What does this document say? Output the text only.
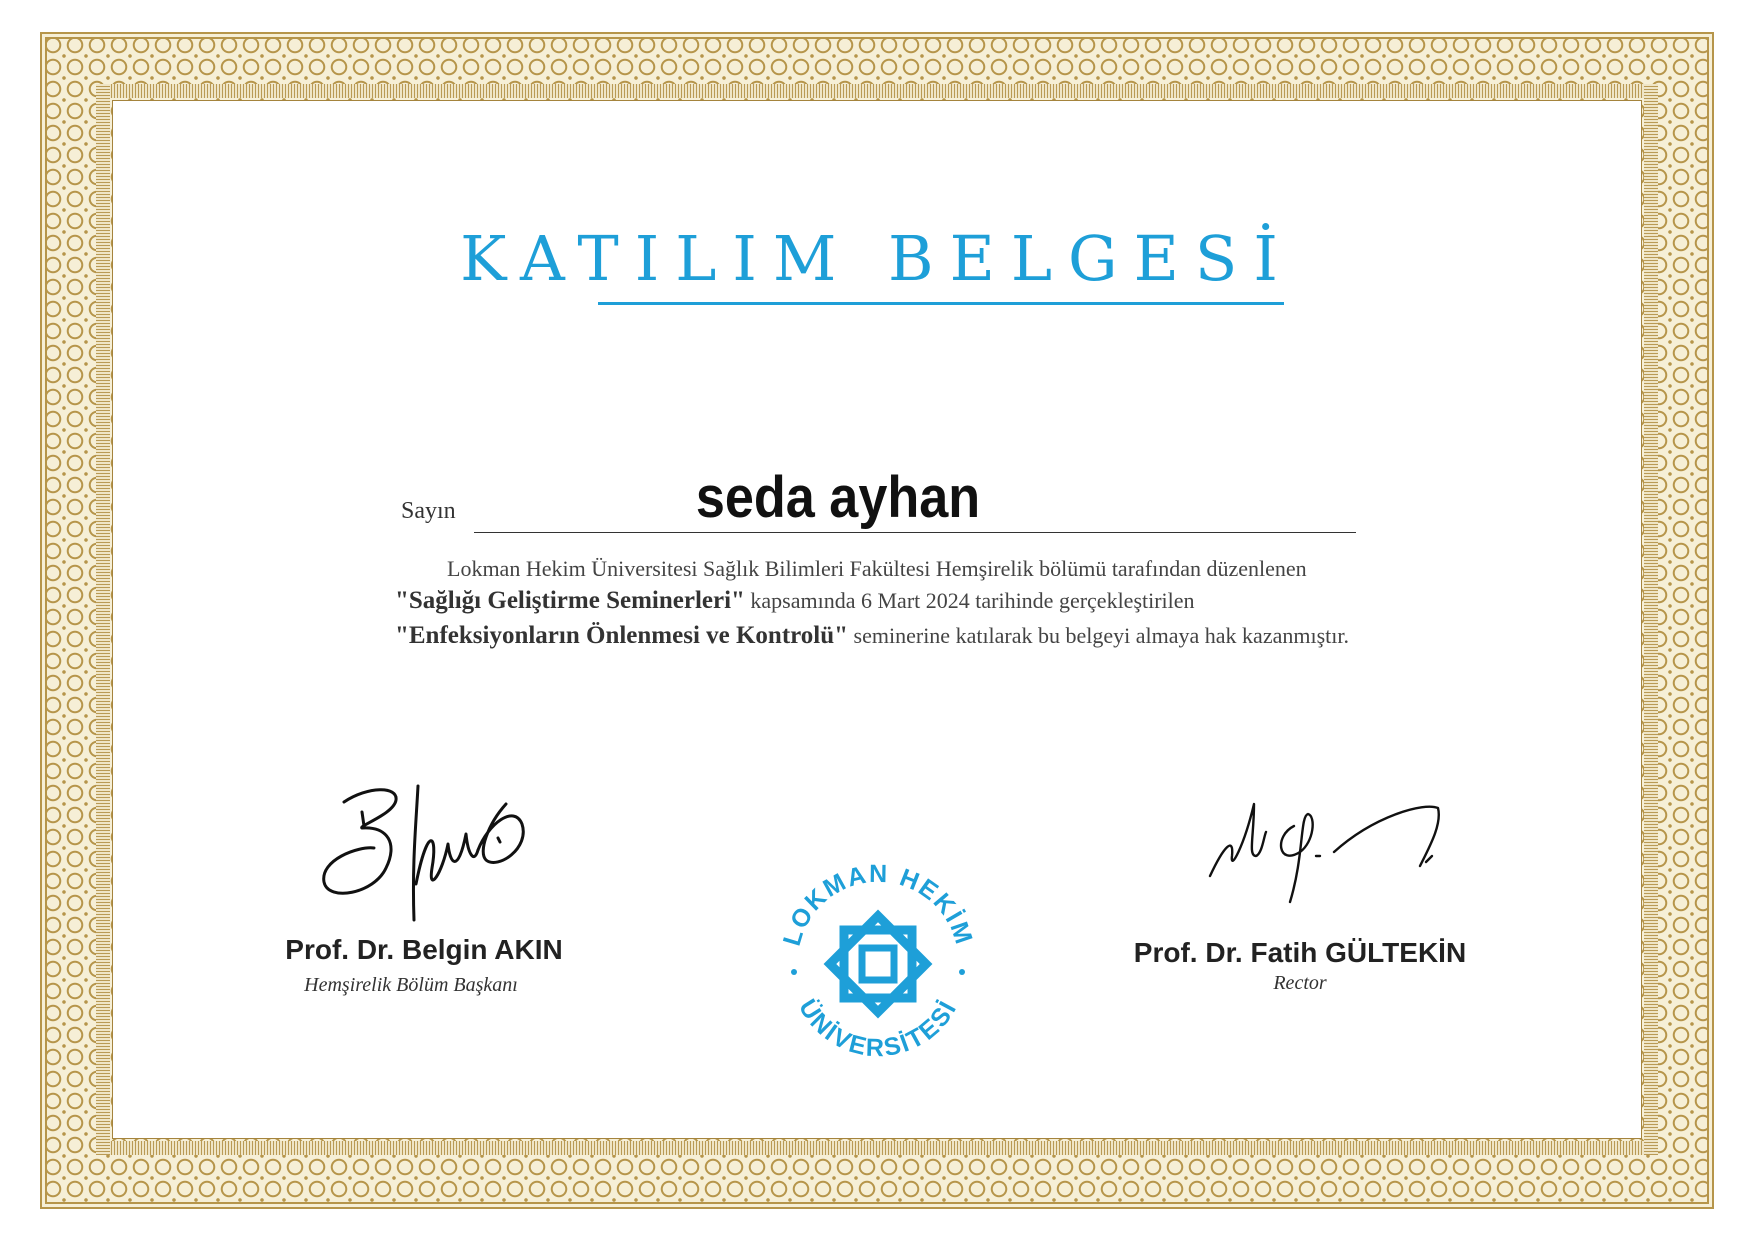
KATILIM BELGESİ
Sayın	seda ayhan
Lokman Hekim Üniversitesi Sağlık Bilimleri Fakültesi Hemşirelik bölümü tarafından düzenlenen
"Sağlığı Geliştirme Seminerleri" kapsamında 6 Mart 2024 tarihinde gerçekleştirilen
"Enfeksiyonların Önlenmesi ve Kontrolü" seminerine katılarak bu belgeyi almaya hak kazanmıştır.
Prof. Dr. Belgin AKIN
Hemşirelik Bölüm Başkanı
Prof. Dr. Fatih GÜLTEKİN
Rector
LOKMAN HEKİM
ÜNİVERSİTESİ
